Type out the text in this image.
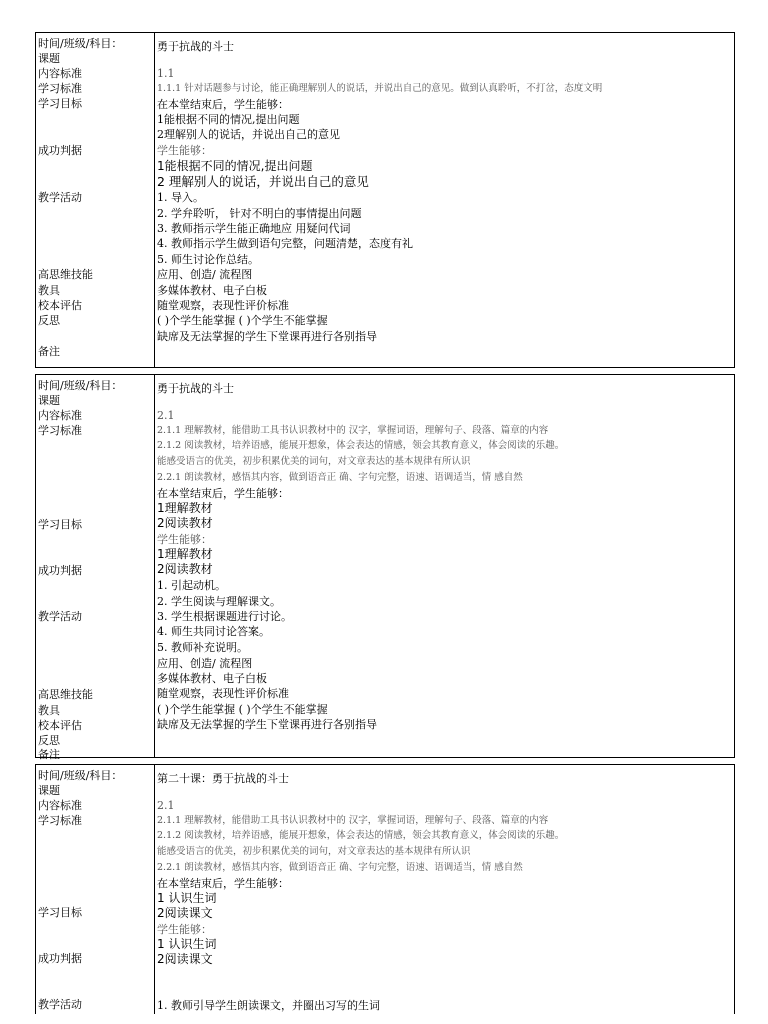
时间/班级/科目：
课题
内容标准
学习标准
学习目标
成功判据
教学活动
高思维技能
教具
校本评估
反思
备注
勇于抗战的斗士
1.1
1.1.1 针对话题参与讨论，能正确理解别人的说话，并说出自己的意见。做到认真聆听，不打岔，态度文明
在本堂结束后，学生能够：
1能根据不同的情况,提出问题
2理解别人的说话，并说出自己的意见
学生能够：
1能根据不同的情况,提出问题
2 理解别人的说话，并说出自己的意见
1. 导入。
2. 学弁聆听， 针对不明白的事情提出问题
3. 教师指示学生能正确地应 用疑问代词
4. 教师指示学生做到语句完整，问题清楚，态度有礼
5. 师生讨论作总结。
应用、创造/ 流程图
多媒体教材、电子白板
随堂观察，表现性评价标准
( )个学生能掌握 ( )个学生不能掌握
缺席及无法掌握的学生下堂课再进行各别指导
时间/班级/科目：
课题
内容标准
学习标准
学习目标
成功判据
教学活动
高思维技能
教具
校本评估
反思
勇于抗战的斗士
2.1
2.1.1 理解教材，能借助工具书认识教材中的 汉字，掌握词语，理解句子、段落、篇章的内容
2.1.2 阅读教材，培养语感，能展开想象，体会表达的情感，领会其教育意义，体会阅读的乐趣。
能感受语言的优美，初步积累优美的词句，对文章表达的基本规律有所认识
2.2.1 朗读教材，感悟其内容，做到语音正 确、字句完整，语速、语调适当，情 感自然
在本堂结束后，学生能够：
1理解教材
2阅读教材
学生能够：
1理解教材
2阅读教材
1. 引起动机。
2. 学生阅读与理解课文。
3. 学生根据课题进行讨论。
4. 师生共同讨论答案。
5. 教师补充说明。
应用、创造/ 流程图
多媒体教材、电子白板
随堂观察，表现性评价标准
( )个学生能掌握 ( )个学生不能掌握
缺席及无法掌握的学生下堂课再进行各别指导
备注
时间/班级/科目：
课题
内容标准
学习标准
学习目标
成功判据
教学活动
第二十课：勇于抗战的斗士
2.1
2.1.1 理解教材，能借助工具书认识教材中的 汉字，掌握词语，理解句子、段落、篇章的内容
2.1.2 阅读教材，培养语感，能展开想象，体会表达的情感，领会其教育意义，体会阅读的乐趣。
能感受语言的优美，初步积累优美的词句，对文章表达的基本规律有所认识
2.2.1 朗读教材，感悟其内容，做到语音正 确、字句完整，语速、语调适当，情 感自然
在本堂结束后，学生能够：
1 认识生词
2阅读课文
学生能够：
1 认识生词
2阅读课文
1. 教师引导学生朗读课文，并圈出习写的生词
